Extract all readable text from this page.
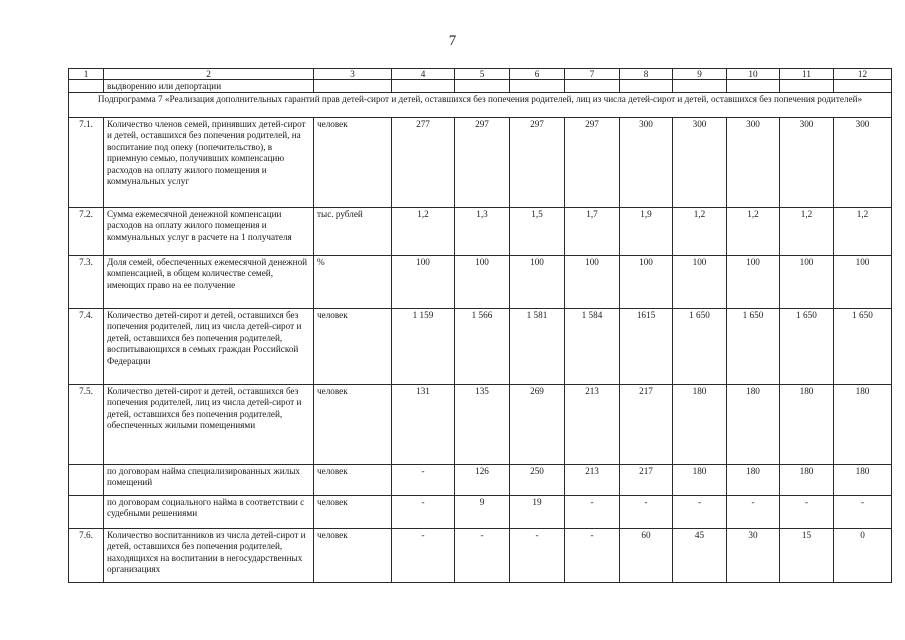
7
1	2	3	4	5	6	7	8	9	10	11	12
	выдворению или депортации										
Подпрограмма 7 «Реализация дополнительных гарантий прав детей-сирот и детей, оставшихся без попечения родителей, лиц из числа детей-сирот и детей, оставшихся без попечения родителей»											
7.1.	Количество членов семей, принявших детей-сирот и детей, оставшихся без попечения родителей, на воспитание под опеку (попечительство), в приемную семью, получивших компенсацию расходов на оплату жилого помещения и коммунальных услуг	человек	277	297	297	297	300	300	300	300	300
7.2.	Сумма ежемесячной денежной компенсации расходов на оплату жилого помещения и коммунальных услуг в расчете на 1 получателя	тыс. рублей	1,2	1,3	1,5	1,7	1,9	1,2	1,2	1,2	1,2
7.3.	Доля семей, обеспеченных ежемесячной денежной компенсацией, в общем количестве семей, имеющих право на ее получение	%	100	100	100	100	100	100	100	100	100
7.4.	Количество детей-сирот и детей, оставшихся без попечения родителей, лиц из числа детей-сирот и детей, оставшихся без попечения родителей, воспитывающихся в семьях граждан Российской Федерации	человек	1 159	1 566	1 581	1 584	1615	1 650	1 650	1 650	1 650
7.5.	Количество детей-сирот и детей, оставшихся без попечения родителей, лиц из числа детей-сирот и детей, оставшихся без попечения родителей, обеспеченных жилыми помещениями	человек	131	135	269	213	217	180	180	180	180
	по договорам найма специализированных жилых помещений	человек	-	126	250	213	217	180	180	180	180
	по договорам социального найма в соответствии с судебными решениями	человек	-	9	19	-	-	-	-	-	-
7.6.	Количество воспитанников из числа детей-сирот и детей, оставшихся без попечения родителей, находящихся на воспитании в негосударственных организациях	человек	-	-	-	-	60	45	30	15	0
